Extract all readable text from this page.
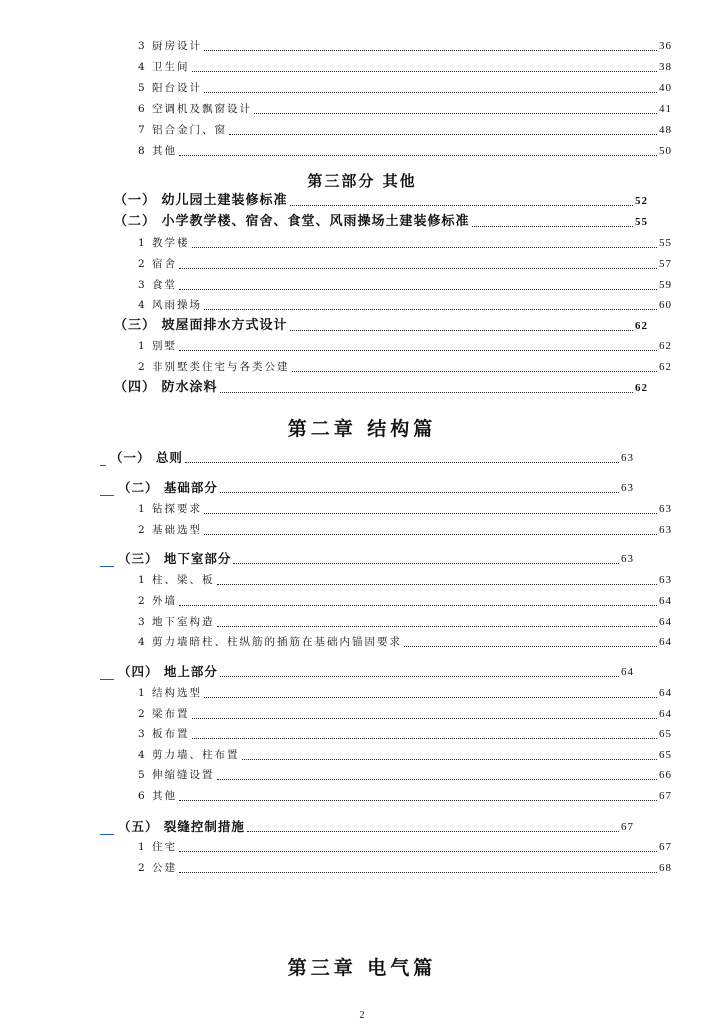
3 厨房设计	36
4 卫生间	38
5 阳台设计	40
6 空调机及飘窗设计	41
7 铝合金门、窗	48
8 其他	50
第三部分 其他
（一） 幼儿园土建装修标准	52
（二） 小学教学楼、宿舍、食堂、风雨操场土建装修标准	55
1 教学楼	55
2 宿舍	57
3 食堂	59
4 风雨操场	60
（三） 坡屋面排水方式设计	62
1 别墅	62
2 非别墅类住宅与各类公建	62
（四） 防水涂料	62
第二章 结构篇
（一） 总则	63
（二） 基础部分	63
1 钻探要求	63
2 基础选型	63
（三） 地下室部分	63
1 柱、梁、板	63
2 外墙	64
3 地下室构造	64
4 剪力墙暗柱、柱纵筋的插筋在基础内锚固要求	64
（四） 地上部分	64
1 结构选型	64
2 梁布置	64
3 板布置	65
4 剪力墙、柱布置	65
5 伸缩缝设置	66
6 其他	67
（五） 裂缝控制措施	67
1 住宅	67
2 公建	68
第三章 电气篇
2
